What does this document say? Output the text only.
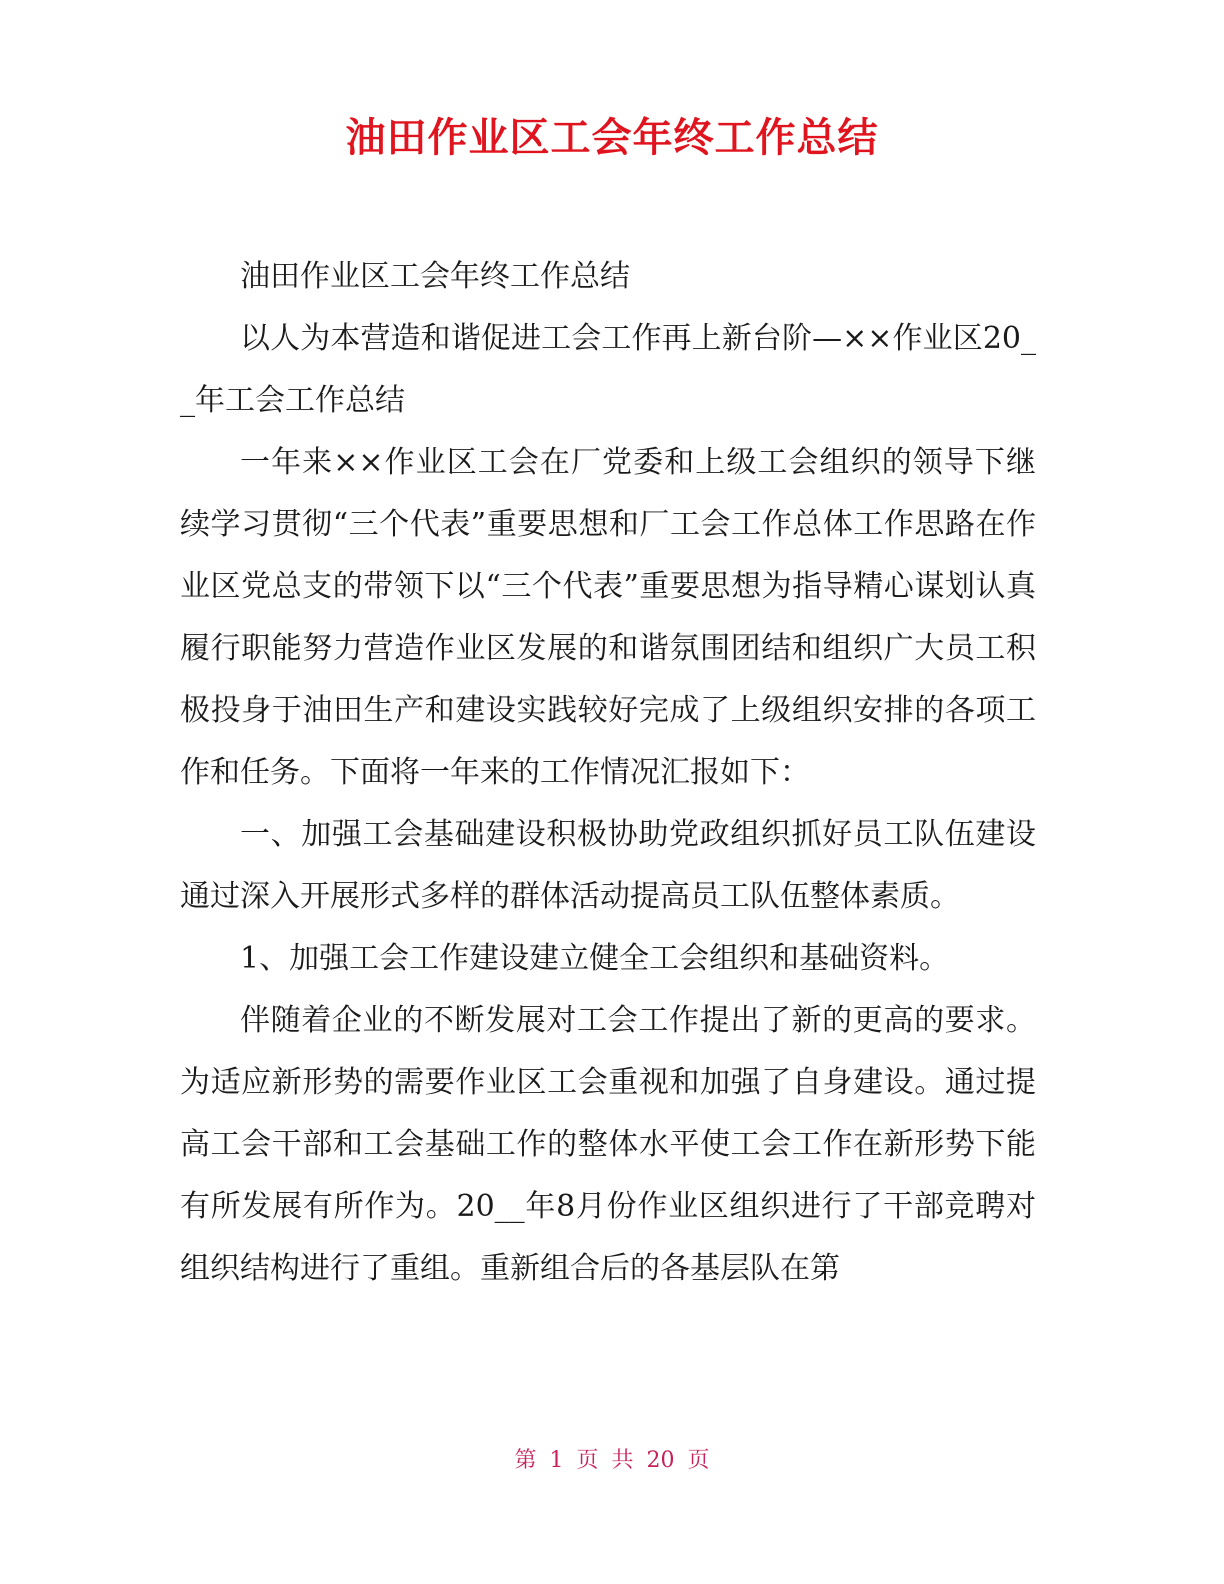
油田作业区工会年终工作总结

油田作业区工会年终工作总结

以人为本营造和谐促进工会工作再上新台阶—××作业区20__年工会工作总结

一年来××作业区工会在厂党委和上级工会组织的领导下继续学习贯彻“三个代表”重要思想和厂工会工作总体工作思路在作业区党总支的带领下以“三个代表”重要思想为指导精心谋划认真履行职能努力营造作业区发展的和谐氛围团结和组织广大员工积极投身于油田生产和建设实践较好完成了上级组织安排的各项工作和任务。下面将一年来的工作情况汇报如下：

一、加强工会基础建设积极协助党政组织抓好员工队伍建设通过深入开展形式多样的群体活动提高员工队伍整体素质。

1、加强工会工作建设建立健全工会组织和基础资料。

伴随着企业的不断发展对工会工作提出了新的更高的要求。为适应新形势的需要作业区工会重视和加强了自身建设。通过提高工会干部和工会基础工作的整体水平使工会工作在新形势下能有所发展有所作为。20__年8月份作业区组织进行了干部竞聘对组织结构进行了重组。重新组合后的各基层队在第

第 1 页 共 20 页
